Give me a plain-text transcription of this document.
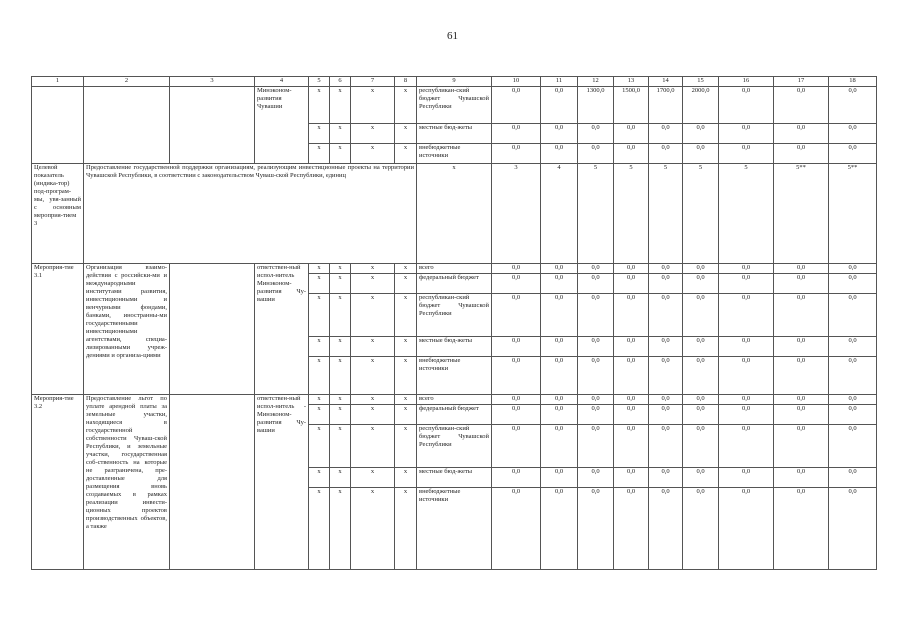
61
1	2	3	4	5	6	7	8	9	10	11	12	13	14	15	16	17	18
			Минэконом-развития Чувашии	x	x	x	x	республикан-ский бюджет Чувашской Республики	0,0	0,0	1300,0	1500,0	1700,0	2000,0	0,0	0,0	0,0
				x	x	x	x	местные бюд-жеты	0,0	0,0	0,0	0,0	0,0	0,0	0,0	0,0	0,0
				x	x	x	x	внебюджетные источники	0,0	0,0	0,0	0,0	0,0	0,0	0,0	0,0	0,0
Целевой показатель (индика-тор) под-програм-мы, увя-занный с основным мероприя-тием 3	Предоставление государственной поддержки организациям, реализующим инвестиционные проекты на территории Чувашской Республики, в соответствии с законодательством Чуваш-ской Республики, единиц							x	3	4	5	5	5	5	5	5**	5**
Мероприя-тие 3.1	Организация взаимо-действия с российски-ми и международными институтами развития, инвестиционными и венчурными фондами, банками, иностранны-ми государственными инвестиционными агентствами, специа-лизированными учреж-дениями и организа-циями		ответствен-ный испол-нитель Минэконом-развития Чу-вашии	x	x	x	x	всего	0,0	0,0	0,0	0,0	0,0	0,0	0,0	0,0	0,0
				x	x	x	x	федеральный бюджет	0,0	0,0	0,0	0,0	0,0	0,0	0,0	0,0	0,0
				x	x	x	x	республикан-ский бюджет Чувашской Республики	0,0	0,0	0,0	0,0	0,0	0,0	0,0	0,0	0,0
				x	x	x	x	местные бюд-жеты	0,0	0,0	0,0	0,0	0,0	0,0	0,0	0,0	0,0
				x	x	x	x	внебюджетные источники	0,0	0,0	0,0	0,0	0,0	0,0	0,0	0,0	0,0
Мероприя-тие 3.2	Предоставление льгот по уплате арендной платы за земельные участки, находящиеся в государственной собственности Чуваш-ской Республики, и земельные участки, государственная соб-ственность на которые не разграничена, пре-доставленные для размещения вновь создаваемых в рамках реализации инвести-ционных проектов производственных объектов, а также		ответствен-ный испол-нитель - Минэконом-развития Чу-вашии	x	x	x	x	всего	0,0	0,0	0,0	0,0	0,0	0,0	0,0	0,0	0,0
				x	x	x	x	федеральный бюджет	0,0	0,0	0,0	0,0	0,0	0,0	0,0	0,0	0,0
				x	x	x	x	республикан-ский бюджет Чувашской Республики	0,0	0,0	0,0	0,0	0,0	0,0	0,0	0,0	0,0
				x	x	x	x	местные бюд-жеты	0,0	0,0	0,0	0,0	0,0	0,0	0,0	0,0	0,0
				x	x	x	x	внебюджетные источники	0,0	0,0	0,0	0,0	0,0	0,0	0,0	0,0	0,0
